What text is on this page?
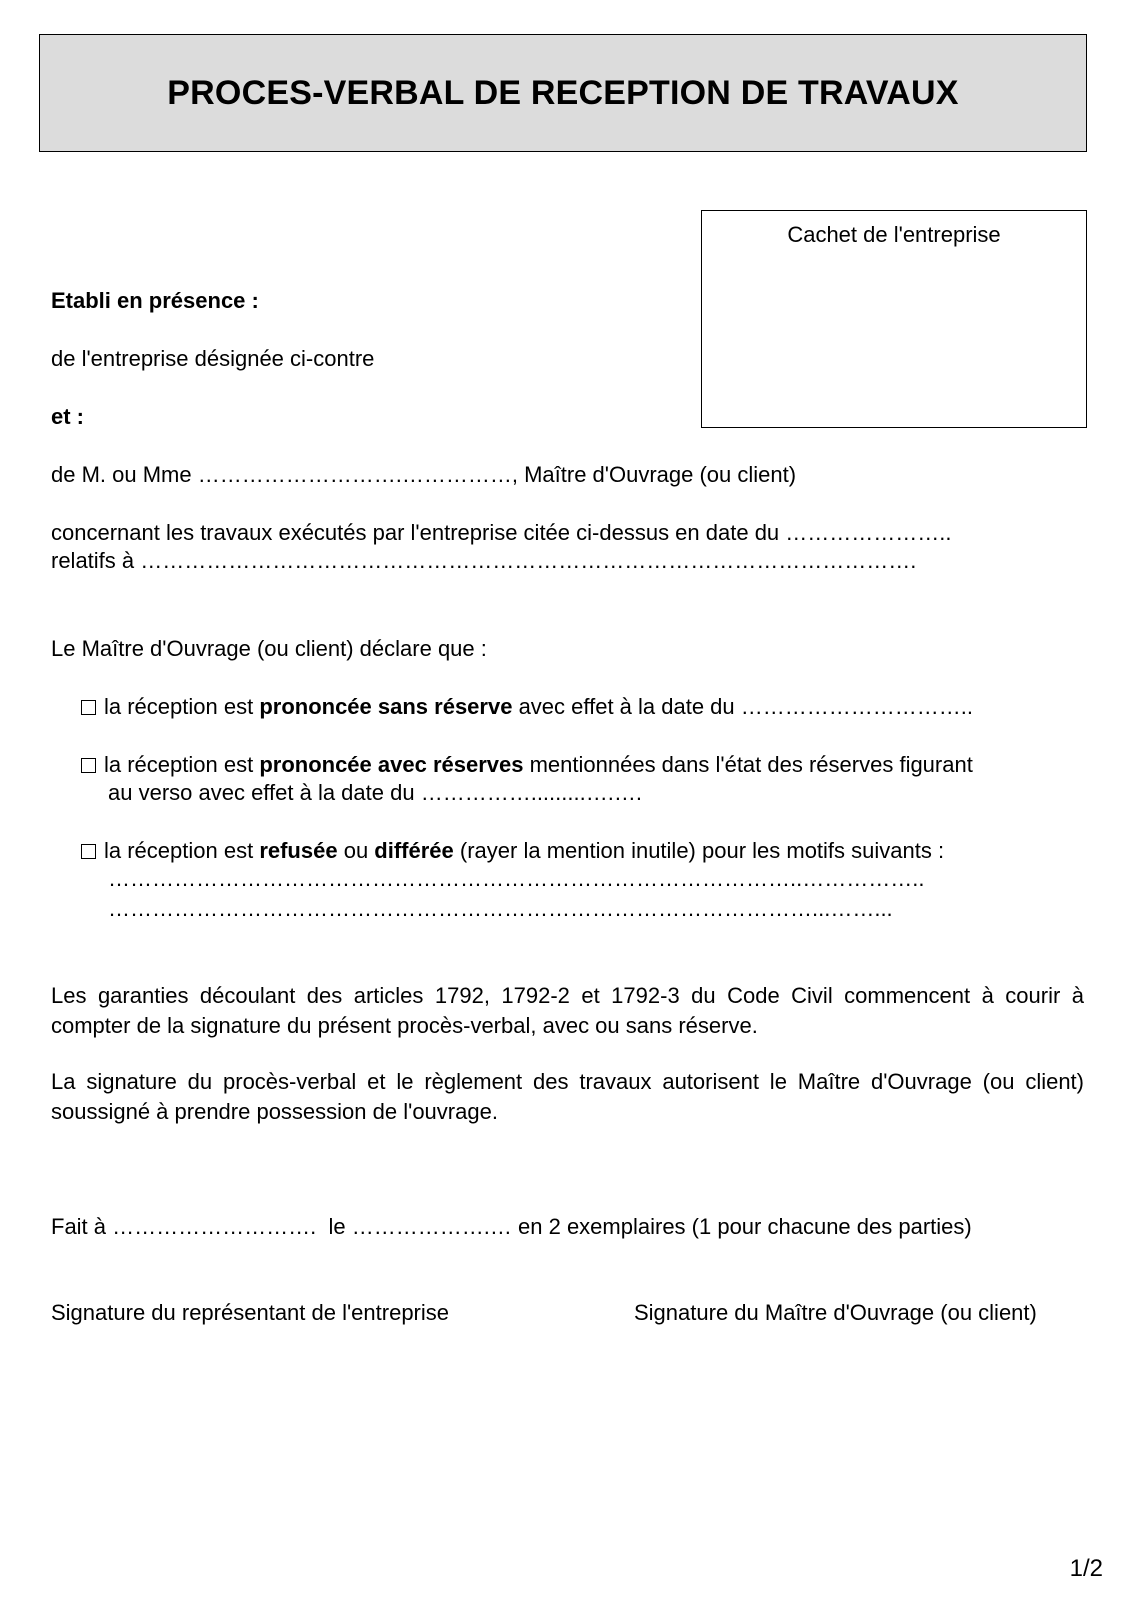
PROCES-VERBAL DE RECEPTION DE TRAVAUX
Cachet de l'entreprise
Etabli en présence :
de l'entreprise désignée ci-contre
et :
de M. ou Mme ……………………….……………, Maître d'Ouvrage (ou client)
concernant les travaux exécutés par l'entreprise citée ci-dessus en date du …………………..
relatifs à …………………………………………………………………………………………….
Le Maître d'Ouvrage (ou client) déclare que :
la réception est prononcée sans réserve avec effet à la date du …………………………..
la réception est prononcée avec réserves mentionnées dans l'état des réserves figurant
au verso avec effet à la date du …………….........….….
la réception est refusée ou différée (rayer la mention inutile) pour les motifs suivants :
…………………………………………………………………………………..……………..
……………………………………………………………………………………...……...
Les garanties découlant des articles 1792, 1792-2 et 1792-3 du Code Civil commencent à courir à compter de la signature du présent procès-verbal, avec ou sans réserve.
La signature du procès-verbal et le règlement des travaux autorisent le Maître d'Ouvrage (ou client) soussigné à prendre possession de l'ouvrage.
Fait à ………………………. le ……………….… en 2 exemplaires (1 pour chacune des parties)
Signature du représentant de l'entreprise	Signature du Maître d'Ouvrage (ou client)
1/2
